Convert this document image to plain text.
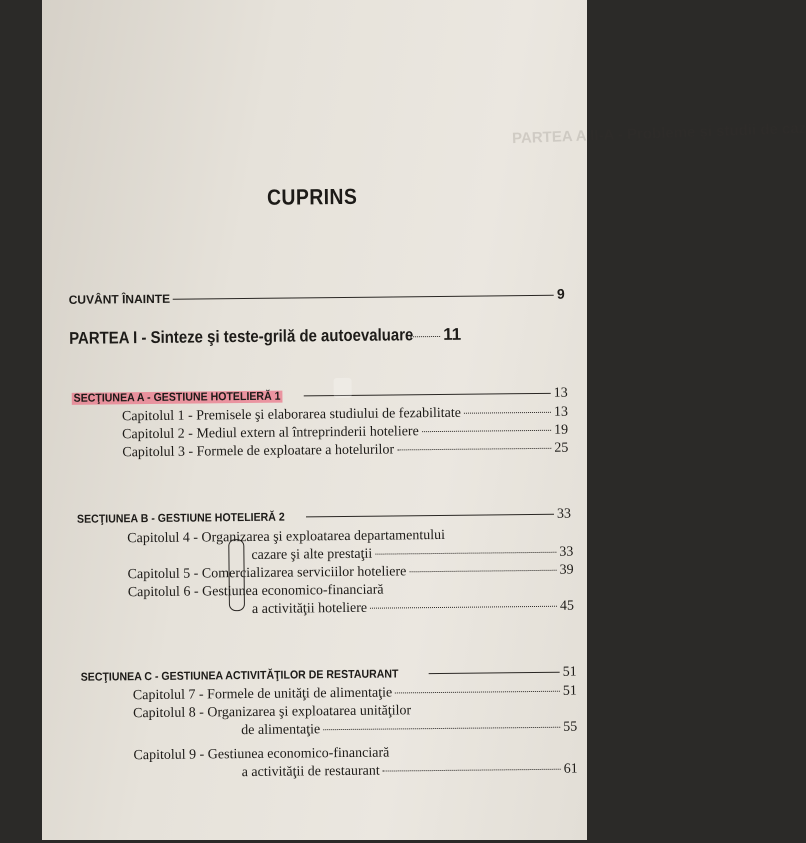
PARTEA A II-A - Probleme și studii de caz
CUPRINS
CUVÂNT ÎNAINTE	9
PARTEA I - Sinteze şi teste-grilă de autoevaluare 11
SECŢIUNEA A - GESTIUNE HOTELIERĂ 1	13
Capitolul 1 - Premisele şi elaborarea studiului de fezabilitate	13
Capitolul 2 - Mediul extern al întreprinderii hoteliere	19
Capitolul 3 - Formele de exploatare a hotelurilor	25
SECŢIUNEA B - GESTIUNE HOTELIERĂ 2	33
Capitolul
4
- Organizarea şi exploatarea departamentului
cazare şi alte prestaţii	33
Capitolul
5
- Comercializarea serviciilor hoteliere	39
Capitolul
6
- Gestiunea economico-financiară
a activităţii hoteliere	45
SECŢIUNEA C - GESTIUNEA ACTIVITĂŢILOR DE RESTAURANT	51
Capitolul 7 - Formele de unităţi de alimentaţie	51
Capitolul 8 - Organizarea şi exploatarea unităţilor
de alimentaţie	55
Capitolul 9 - Gestiunea economico-financiară
a activităţii de restaurant	61
